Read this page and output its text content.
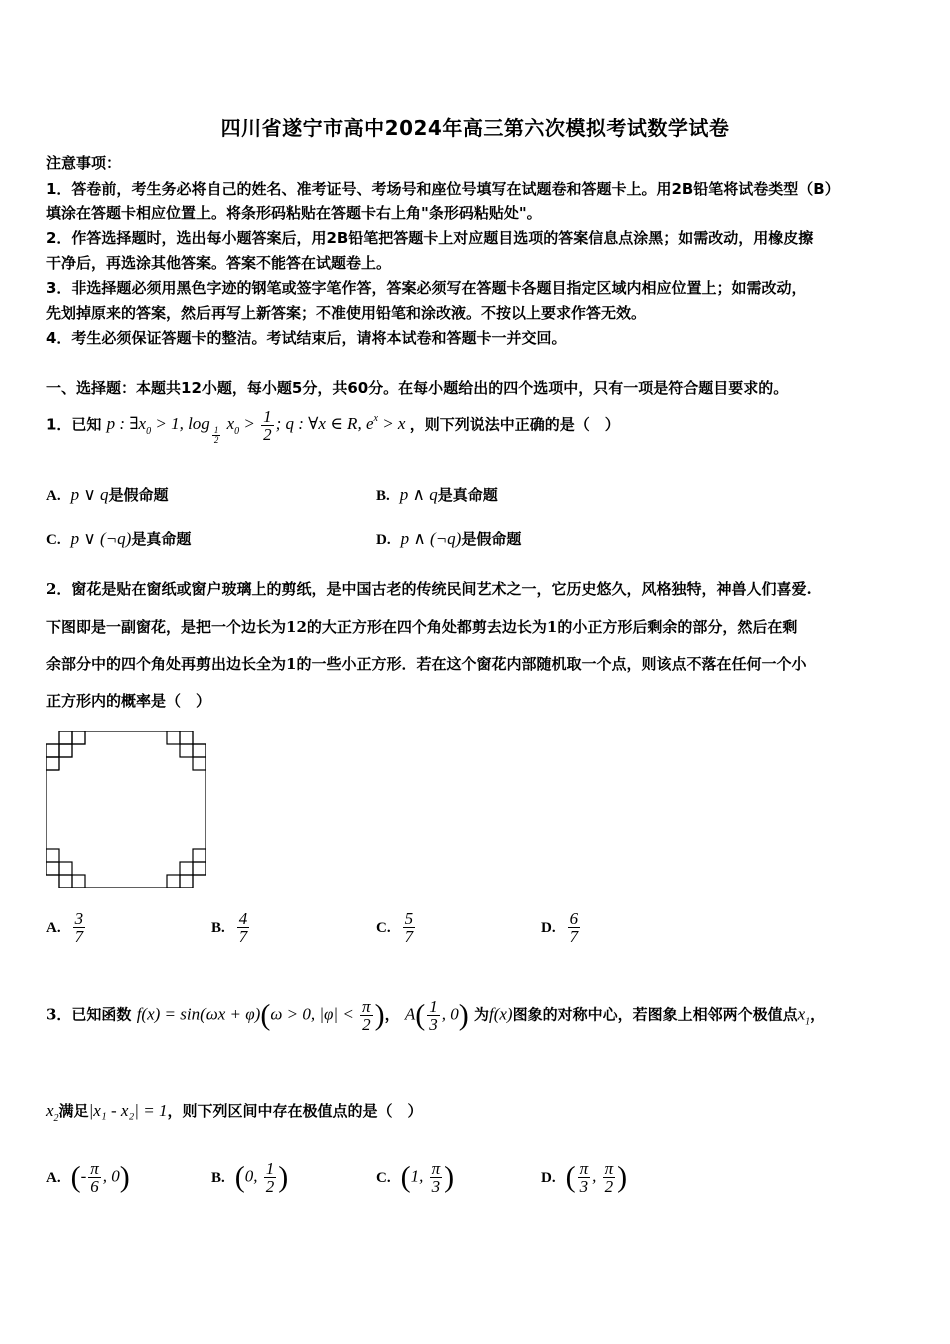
四川省遂宁市高中2024年高三第六次模拟考试数学试卷
注意事项：
1．答卷前，考生务必将自己的姓名、准考证号、考场号和座位号填写在试题卷和答题卡上。用2B铅笔将试卷类型（B）
填涂在答题卡相应位置上。将条形码粘贴在答题卡右上角"条形码粘贴处"。
2．作答选择题时，选出每小题答案后，用2B铅笔把答题卡上对应题目选项的答案信息点涂黑；如需改动，用橡皮擦
干净后，再选涂其他答案。答案不能答在试题卷上。
3．非选择题必须用黑色字迹的钢笔或签字笔作答，答案必须写在答题卡各题目指定区域内相应位置上；如需改动，
先划掉原来的答案，然后再写上新答案；不准使用铅笔和涂改液。不按以上要求作答无效。
4．考生必须保证答题卡的整洁。考试结束后，请将本试卷和答题卡一并交回。
一、选择题：本题共12小题，每小题5分，共60分。在每小题给出的四个选项中，只有一项是符合题目要求的。
1．已知 p : $\exists x_0 > 1$, log
$\frac{1}{2}$
$x_0 > \frac{1}{2}$ ; q : ∀x ∈ R, $e^x > x$ ，则下列说法中正确的是（　）
A. p ∨ q是假命题	B. p ∧ q是真命题
C. p ∨ (¬q)是真命题	D. p ∧ (¬q)是假命题
2．窗花是贴在窗纸或窗户玻璃上的剪纸，是中国古老的传统民间艺术之一，它历史悠久，风格独特，神兽人们喜爱.
下图即是一副窗花，是把一个边长为12的大正方形在四个角处都剪去边长为1的小正方形后剩余的部分，然后在剩
余部分中的四个角处再剪出边长全为1的一些小正方形．若在这个窗花内部随机取一个点，则该点不落在任何一个小
正方形内的概率是（　）
A. $\frac{3}{7}$	B. $\frac{4}{7}$	C. $\frac{5}{7}$	D. $\frac{6}{7}$
3．已知函数 f(x) = sin(ωx + φ)(ω > 0, $|\varphi| < \frac{\pi}{2}$ )， $A( \frac{1}{3}$ , 0) 为f(x)图象的对称中心，若图象上相邻两个极值点$x_1$，
$x_2$满足|x₁ - x₂| = 1，则下列区间中存在极值点的是（　）
A. (- $\frac{\pi}{6}$ , 0)	B. (0, $\frac{1}{2}$ )	C. (1, $\frac{\pi}{3}$ )	D. ( $\frac{\pi}{3}$ , $\frac{\pi}{2}$ )
